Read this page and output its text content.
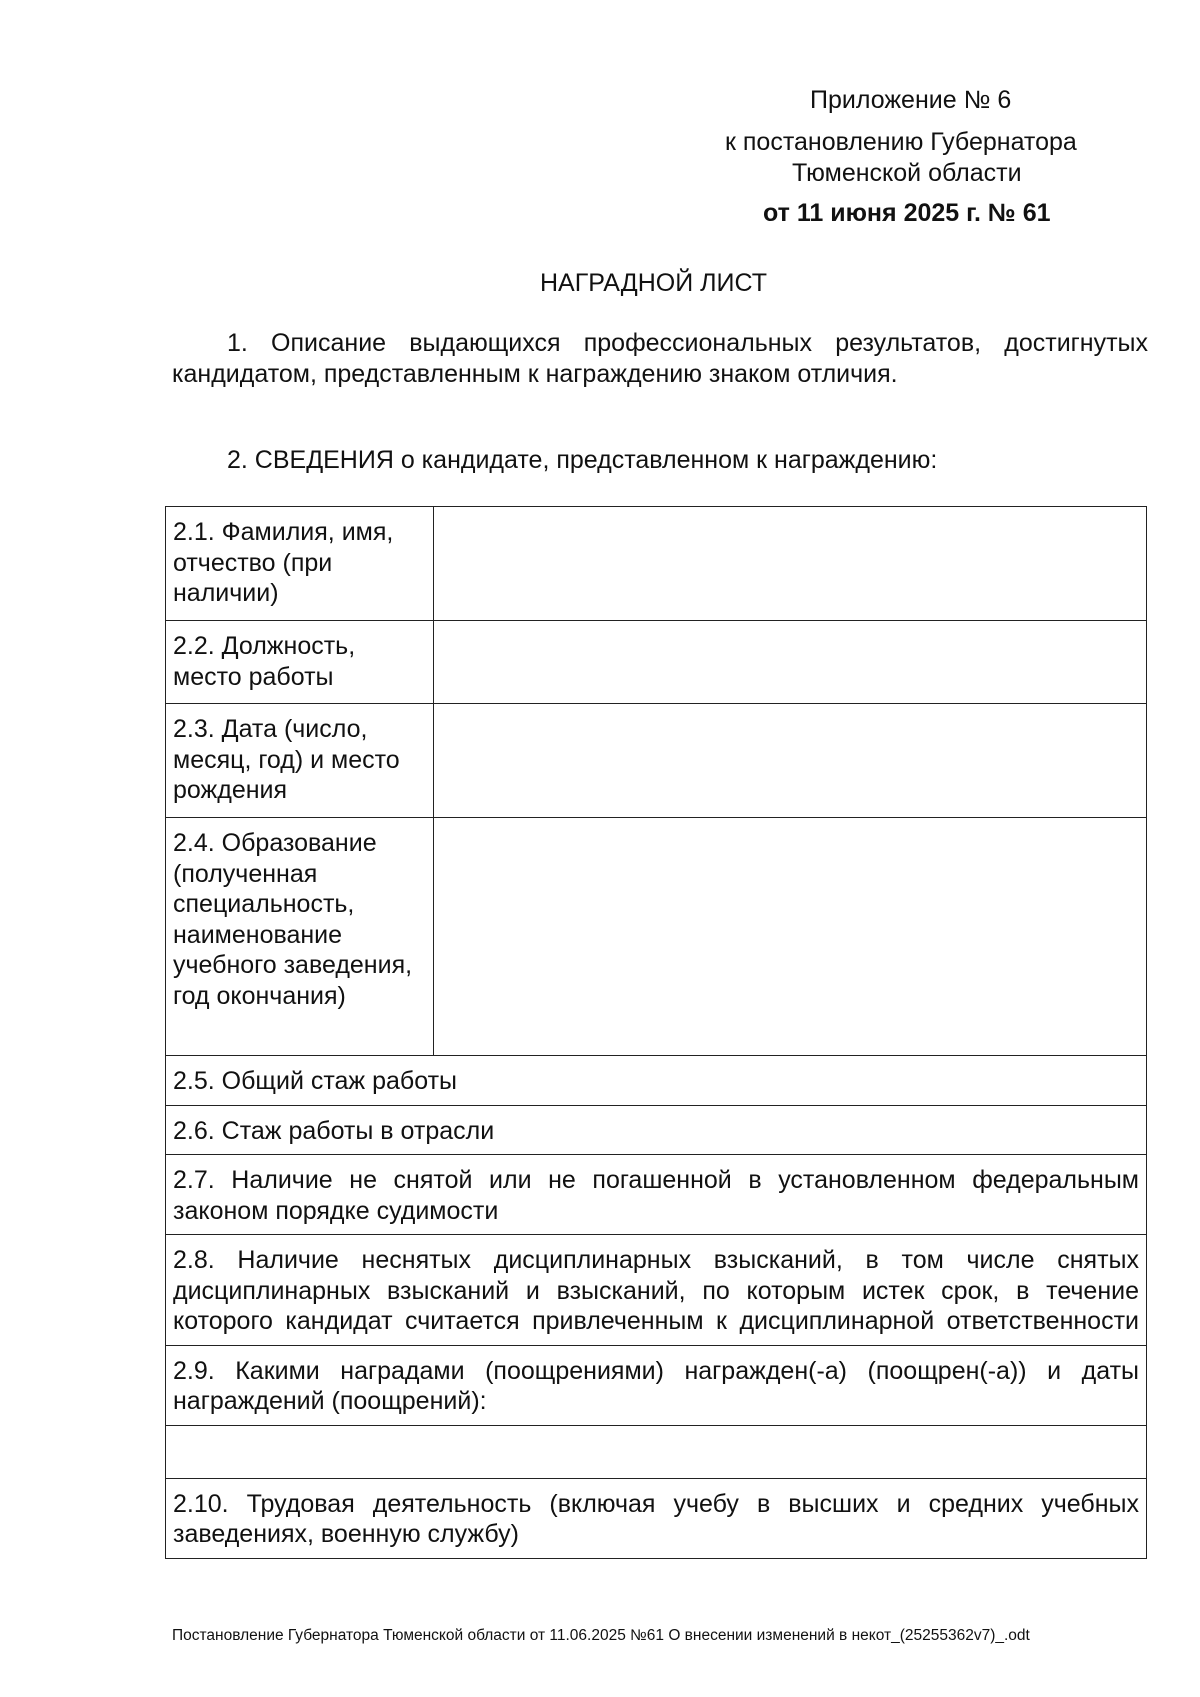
Приложение № 6
к постановлению Губернатора
Тюменской области
от 11 июня 2025 г. № 61
НАГРАДНОЙ ЛИСТ
1. Описание выдающихся профессиональных результатов, достигнутых кандидатом, представленным к награждению знаком отличия.
2. СВЕДЕНИЯ о кандидате, представленном к награждению:
2.1. Фамилия, имя, отчество (при наличии)	
2.2. Должность, место работы	
2.3. Дата (число, месяц, год) и место рождения	
2.4. Образование (полученная специальность, наименование учебного заведения, год окончания)	
2.5. Общий стаж работы	
2.6. Стаж работы в отрасли	
2.7. Наличие не снятой или не погашенной в установленном федеральным законом порядке судимости	
2.8. Наличие неснятых дисциплинарных взысканий, в том числе снятых дисциплинарных взысканий и взысканий, по которым истек срок, в течение которого кандидат считается привлеченным к дисциплинарной ответственности	
2.9. Какими наградами (поощрениями) награжден(-а) (поощрен(-а)) и даты награждений (поощрений):	

2.10. Трудовая деятельность (включая учебу в высших и средних учебных заведениях, военную службу)	
Постановление Губернатора Тюменской области от 11.06.2025 №61 О внесении изменений в некот_(25255362v7)_.odt
